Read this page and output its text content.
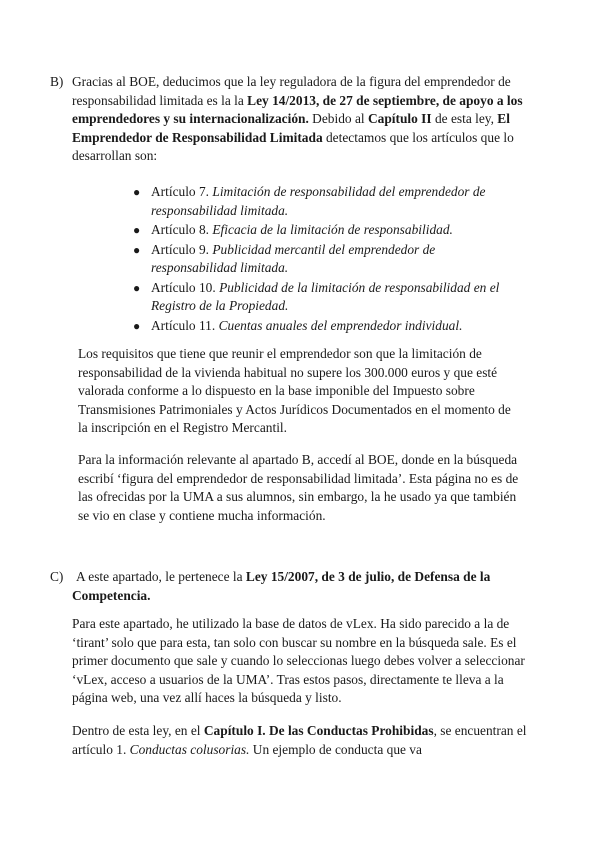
B) Gracias al BOE, deducimos que la ley reguladora de la figura del emprendedor de responsabilidad limitada es la la Ley 14/2013, de 27 de septiembre, de apoyo a los emprendedores y su internacionalización. Debido al Capítulo II de esta ley, El Emprendedor de Responsabilidad Limitada detectamos que los artículos que lo desarrollan son:

● Artículo 7. Limitación de responsabilidad del emprendedor de responsabilidad limitada.
● Artículo 8. Eficacia de la limitación de responsabilidad.
● Artículo 9. Publicidad mercantil del emprendedor de responsabilidad limitada.
● Artículo 10. Publicidad de la limitación de responsabilidad en el Registro de la Propiedad.
● Artículo 11. Cuentas anuales del emprendedor individual.

Los requisitos que tiene que reunir el emprendedor son que la limitación de responsabilidad de la vivienda habitual no supere los 300.000 euros y que esté valorada conforme a lo dispuesto en la base imponible del Impuesto sobre Transmisiones Patrimoniales y Actos Jurídicos Documentados en el momento de la inscripción en el Registro Mercantil.

Para la información relevante al apartado B, accedí al BOE, donde en la búsqueda escribí ‘figura del emprendedor de responsabilidad limitada’. Esta página no es de las ofrecidas por la UMA a sus alumnos, sin embargo, la he usado ya que también se vio en clase y contiene mucha información.

C) A este apartado, le pertenece la Ley 15/2007, de 3 de julio, de Defensa de la Competencia.

Para este apartado, he utilizado la base de datos de vLex. Ha sido parecido a la de ‘tirant’ solo que para esta, tan solo con buscar su nombre en la búsqueda sale. Es el primer documento que sale y cuando lo seleccionas luego debes volver a seleccionar ‘vLex, acceso a usuarios de la UMA’. Tras estos pasos, directamente te lleva a la página web, una vez allí haces la búsqueda y listo.

Dentro de esta ley, en el Capítulo I. De las Conductas Prohibidas, se encuentran el artículo 1. Conductas colusorias. Un ejemplo de conducta que va
